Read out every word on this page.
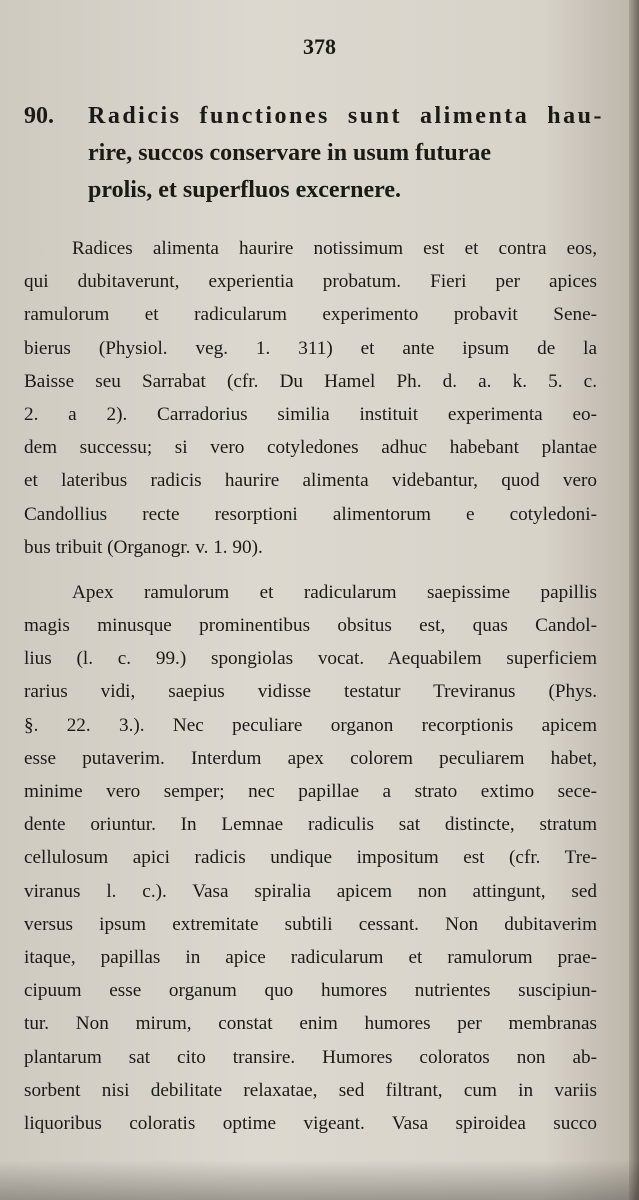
378
90. Radicis functiones sunt alimenta hau-
rire, succos conservare in usum futurae
prolis, et superfluos excernere.
Radices alimenta haurire notissimum est et contra eos,
qui dubitaverunt, experientia probatum. Fieri per apices
ramulorum et radicularum experimento probavit Sene-
bierus (Physiol. veg. 1. 311) et ante ipsum de la
Baisse seu Sarrabat (cfr. Du Hamel Ph. d. a. k. 5. c.
2. a 2). Carradorius similia instituit experimenta eo-
dem successu; si vero cotyledones adhuc habebant plantae
et lateribus radicis haurire alimenta videbantur, quod vero
Candollius recte resorptioni alimentorum e cotyledoni-
bus tribuit (Organogr. v. 1. 90).
Apex ramulorum et radicularum saepissime papillis
magis minusque prominentibus obsitus est, quas Candol-
lius (l. c. 99.) spongiolas vocat. Aequabilem superficiem
rarius vidi, saepius vidisse testatur Treviranus (Phys.
§. 22. 3.). Nec peculiare organon recorptionis apicem
esse putaverim. Interdum apex colorem peculiarem habet,
minime vero semper; nec papillae a strato extimo sece-
dente oriuntur. In Lemnae radiculis sat distincte, stratum
cellulosum apici radicis undique impositum est (cfr. Tre-
viranus l. c.). Vasa spiralia apicem non attingunt, sed
versus ipsum extremitate subtili cessant. Non dubitaverim
itaque, papillas in apice radicularum et ramulorum prae-
cipuum esse organum quo humores nutrientes suscipiun-
tur. Non mirum, constat enim humores per membranas
plantarum sat cito transire. Humores coloratos non ab-
sorbent nisi debilitate relaxatae, sed filtrant, cum in variis
liquoribus coloratis optime vigeant. Vasa spiroidea succo
